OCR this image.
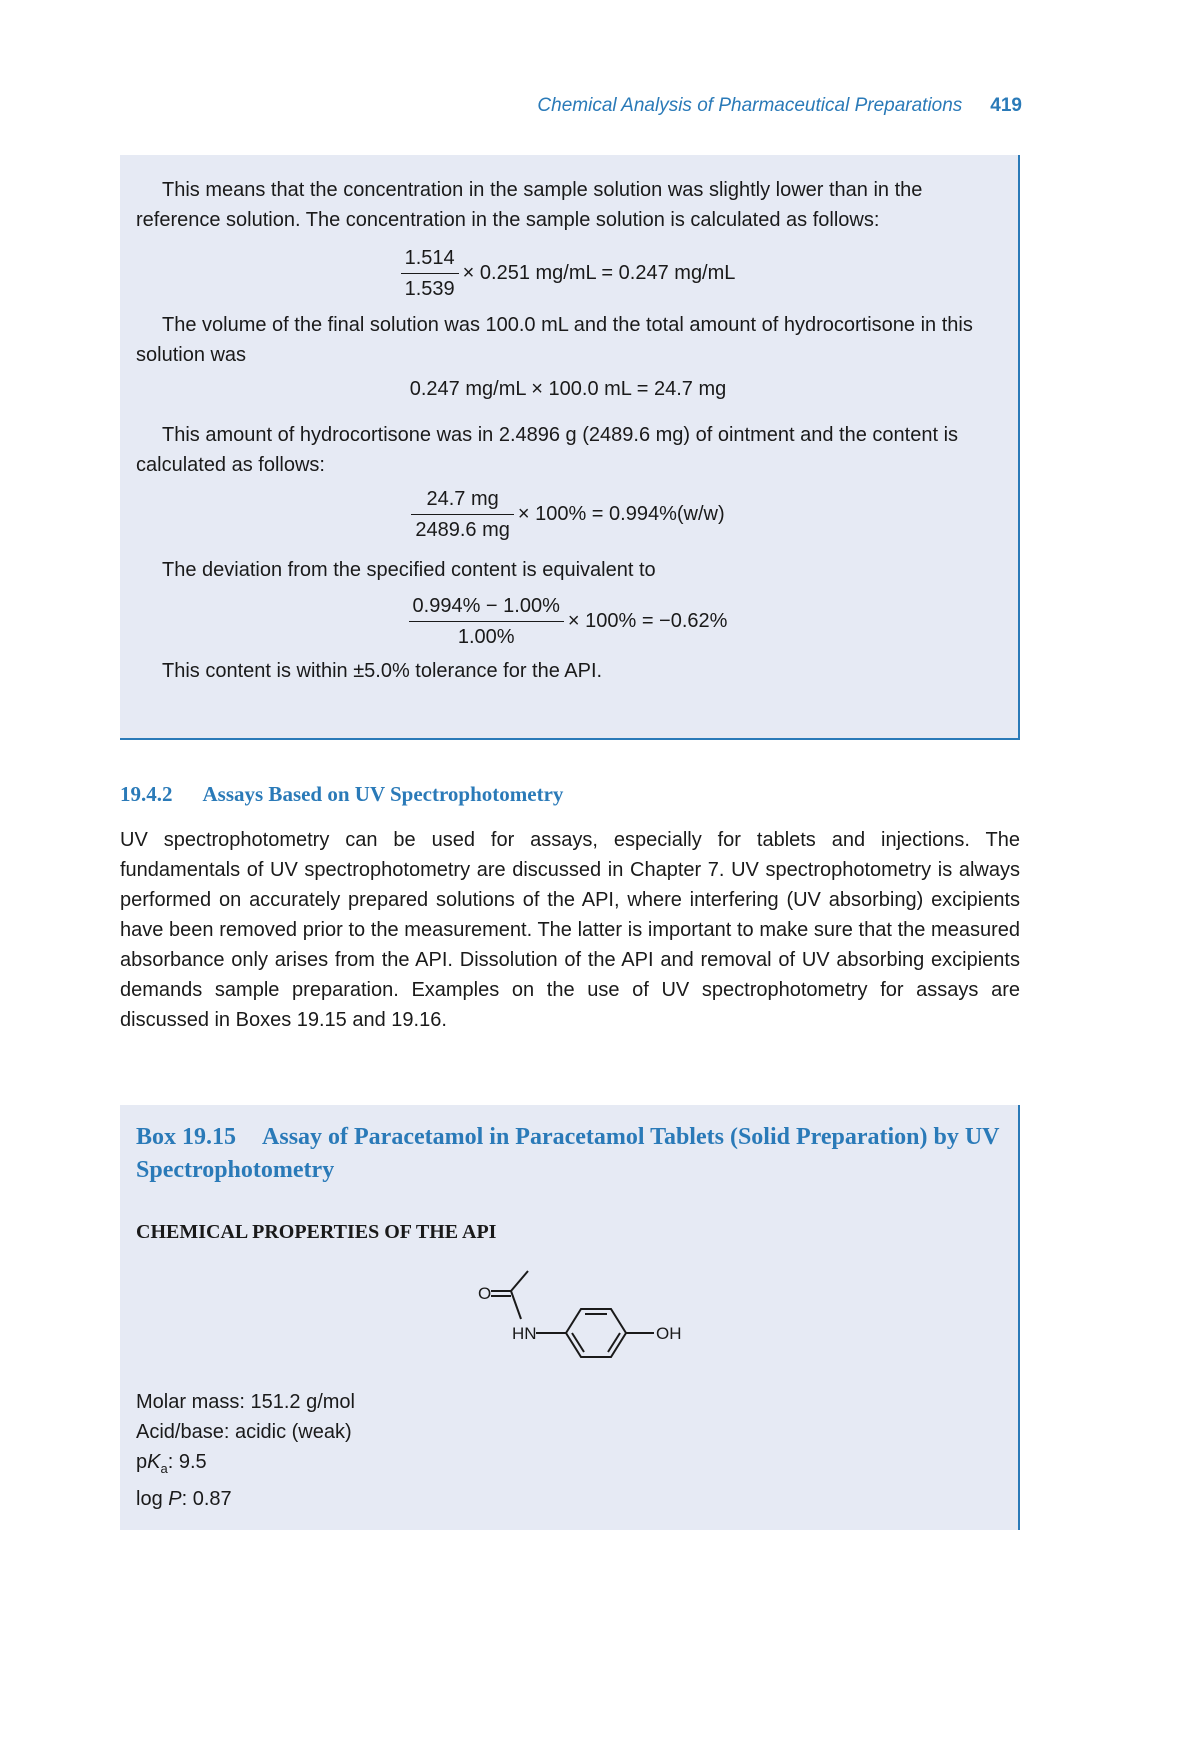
Chemical Analysis of Pharmaceutical Preparations 419

This means that the concentration in the sample solution was slightly lower than in the reference solution. The concentration in the sample solution is calculated as follows:

$\frac{1.514}{1.539} \times 0.251$ mg/mL = 0.247 mg/mL

The volume of the final solution was 100.0 mL and the total amount of hydrocortisone in this solution was

0.247 mg/mL × 100.0 mL = 24.7 mg

This amount of hydrocortisone was in 2.4896 g (2489.6 mg) of ointment and the content is calculated as follows:

$\frac{24.7 mg}{2489.6 mg} \times 100\% = 0.994\%(w/w)$

The deviation from the specified content is equivalent to

$\frac{0.994\% - 1.00\%}{1.00\%} \times 100\% = -0.62\%$

This content is within ±5.0% tolerance for the API.

19.4.2 Assays Based on UV Spectrophotometry

UV spectrophotometry can be used for assays, especially for tablets and injections. The fundamentals of UV spectrophotometry are discussed in Chapter 7. UV spectrophotometry is always performed on accurately prepared solutions of the API, where interfering (UV absorbing) excipients have been removed prior to the measurement. The latter is important to make sure that the measured absorbance only arises from the API. Dissolution of the API and removal of UV absorbing excipients demands sample preparation. Examples on the use of UV spectrophotometry for assays are discussed in Boxes 19.15 and 19.16.

Box 19.15 Assay of Paracetamol in Paracetamol Tablets (Solid Preparation) by UV Spectrophotometry

CHEMICAL PROPERTIES OF THE API

O
HN	OH
Molar mass: 151.2 g/mol
Acid/base: acidic (weak)
$pK_a$: 9.5
log P: 0.87
